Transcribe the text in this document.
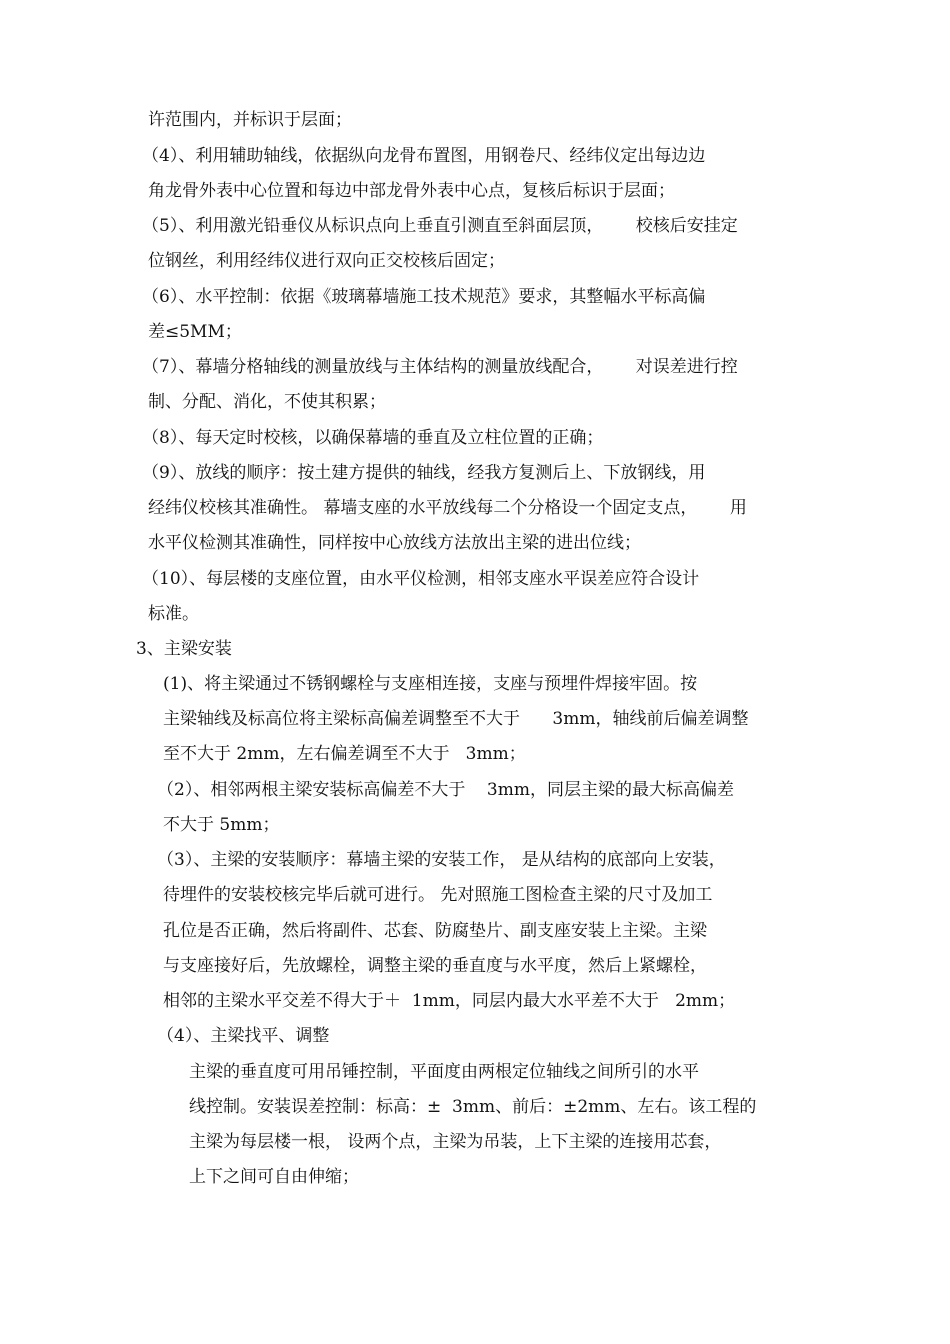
许范围内，并标识于层面；
（4）、利用辅助轴线，依据纵向龙骨布置图，用钢卷尺、经纬仪定出每边边
角龙骨外表中心位置和每边中部龙骨外表中心点，复核后标识于层面；
（5）、利用激光铅垂仪从标识点向上垂直引测直至斜面层顶，      校核后安挂定
位钢丝，利用经纬仪进行双向正交校核后固定；
（6）、水平控制：依据《玻璃幕墙施工技术规范》要求，其整幅水平标高偏
差≤5MM；
（7）、幕墙分格轴线的测量放线与主体结构的测量放线配合，      对误差进行控
制、分配、消化，不使其积累；
（8）、每天定时校核，以确保幕墙的垂直及立柱位置的正确；
（9）、放线的顺序：按土建方提供的轴线，经我方复测后上、下放钢线，用
经纬仪校核其准确性。 幕墙支座的水平放线每二个分格设一个固定支点，      用
水平仪检测其准确性，同样按中心放线方法放出主梁的进出位线；
（10）、每层楼的支座位置，由水平仪检测，相邻支座水平误差应符合设计
标准。
3、主梁安装
(1)、将主梁通过不锈钢螺栓与支座相连接，支座与预埋件焊接牢固。按
主梁轴线及标高位将主梁标高偏差调整至不大于      3mm，轴线前后偏差调整
至不大于 2mm，左右偏差调至不大于   3mm；
（2）、相邻两根主梁安装标高偏差不大于    3mm，同层主梁的最大标高偏差
不大于 5mm；
（3）、主梁的安装顺序：幕墙主梁的安装工作， 是从结构的底部向上安装，
待埋件的安装校核完毕后就可进行。 先对照施工图检查主梁的尺寸及加工
孔位是否正确，然后将副件、芯套、防腐垫片、副支座安装上主梁。主梁
与支座接好后，先放螺栓，调整主梁的垂直度与水平度，然后上紧螺栓，
相邻的主梁水平交差不得大于＋  1mm，同层内最大水平差不大于   2mm；
（4）、主梁找平、调整
主梁的垂直度可用吊锤控制，平面度由两根定位轴线之间所引的水平
线控制。安装误差控制：标高：±  3mm、前后：±2mm、左右。该工程的
主梁为每层楼一根， 设两个点，主梁为吊装，上下主梁的连接用芯套，
上下之间可自由伸缩；
